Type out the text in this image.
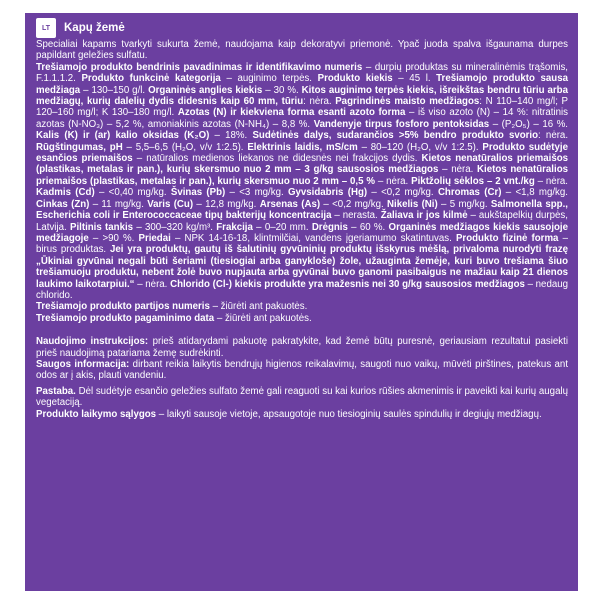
LT	Kapų žemė

Specialiai kapams tvarkyti sukurta žemė, naudojama kaip dekoratyvi priemonė. Ypač juoda spalva išgaunama durpes papildant geležies sulfatu.

Trešiamojo produkto bendrinis pavadinimas ir identifikavimo numeris – durpių produktas su mineralinėmis trąšomis, F.1.1.1.2. Produkto funkcinė kategorija – auginimo terpės. Produkto kiekis – 45 l. Trešiamojo produkto sausa medžiaga – 130–150 g/l. Organinės anglies kiekis – 30 %. Kitos auginimo terpės kiekis, išreikštas bendru tūriu arba medžiagų, kurių dalelių dydis didesnis kaip 60 mm, tūriu: nėra. Pagrindinės maisto medžiagos: N 110–140 mg/l; P 120–160 mg/l; K 130–180 mg/l. Azotas (N) ir kiekvienа forma esanti azoto forma – iš viso azoto (N) – 14 %: nitratinis azotas (N-NO₃) – 5,2 %, amoniakinis azotas (N-NH₄) – 8,8 %. Vandenyje tirpus fosforo pentoksidas – (P₂O₅) – 16 %. Kalis (K) ir (ar) kalio oksidas (K₂O) – 18%. Sudėtinės dalys, sudarančios >5% bendro produkto svorio: nėra. Rūgštingumas, pH – 5,5–6,5 (H₂O, v/v 1:2.5). Elektrinis laidis, mS/cm – 80–120 (H₂O, v/v 1:2.5). Produkto sudėtyje esančios priemaišos – natūralios medienos liekanos ne didesnės nei frakcijos dydis. Kietos nenatūralios priemaišos (plastikas, metalas ir pan.), kurių skersmuo nuo 2 mm – 3 g/kg sausosios medžiagos – nėra. Kietos nenatūralios priemaišos (plastikas, metalas ir pan.), kurių skersmuo nuo 2 mm – 0,5 % – nėra. Piktžolių sėklos – 2 vnt./kg – nėra. Kadmis (Cd) – <0,40 mg/kg. Švinas (Pb) – <3 mg/kg. Gyvsidabris (Hg) – <0,2 mg/kg. Chromas (Cr) – <1,8 mg/kg. Cinkas (Zn) – 11 mg/kg. Varis (Cu) – 12,8 mg/kg. Arsenas (As) – <0,2 mg/kg. Nikelis (Ni) – 5 mg/kg. Salmonella spp., Escherichia coli ir Enterococcaceae tipų bakterijų koncentracija – nerasta. Žaliava ir jos kilmė – aukštapelkių durpės, Latvija. Piltinis tankis – 300–320 kg/m³. Frakcija – 0–20 mm. Drėgnis – 60 %. Organinės medžiagos kiekis sausojoje medžiagoje – >90 %. Priedai – NPK 14-16-18, klintmilčiai, vandens įgeriamumo skatintuvas. Produkto fizinė forma – birus produktas. Jei yra produktų, gautų iš šalutinių gyvūninių produktų išskyrus mėšlą, privaloma nurodyti frazę „Ūkiniai gyvūnai negali būti šeriami (tiesiogiai arba ganykloše) žole, užauginta žemėje, kuri buvo trešiama šiuo trešiamuoju produktu, nebent žolė buvo nupjauta arba gyvūnai buvo ganomi pasibaigus ne mažiau kaip 21 dienos laukimo laikotarpiui.“ – nėra. Chloridо (Cl-) kiekis produkte yra mažesnis nei 30 g/kg sausosios medžiagos – nedaug chlorido.

Trešiamojo produkto partijos numeris – žiūrėti ant pakuotės.

Trešiamojo produkto pagaminimo data – žiūrėti ant pakuotės.

Naudojimo instrukcijos: prieš atidarydami pakuotę pakratykite, kad žemė būtų puresnė, geriausiam rezultatui pasiekti prieš naudojimą patariama žemę sudrėkinti.

Saugos informacija: dirbant reikia laikytis bendrųjų higienos reikalavimų, saugoti nuo vaikų, mūvėti pirštines, patekus ant odos ar į akis, plauti vandeniu.

Pastaba. Dėl sudėtyje esančio geležies sulfato žemė gali reaguoti su kai kurios rūšies akmenimis ir paveikti kai kurių augalų vegetaciją.

Produkto laikymo sąlygos – laikyti sausoje vietoje, apsaugotoje nuo tiesioginių saulės spindulių ir degiųjų medžiagų.
